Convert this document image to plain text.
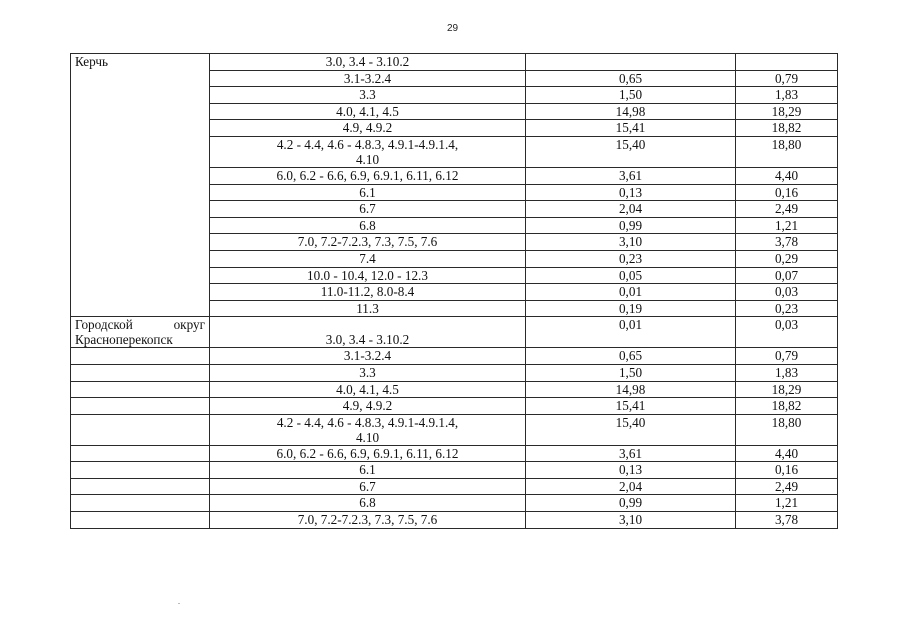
29
Керчь	3.0, 3.4 - 3.10.2		
	3.1-3.2.4	0,65	0,79
	3.3	1,50	1,83
	4.0, 4.1, 4.5	14,98	18,29
	4.9, 4.9.2	15,41	18,82
	4.2 - 4.4, 4.6 - 4.8.3, 4.9.1-4.9.1.4,
4.10	15,40	18,80
	6.0, 6.2 - 6.6, 6.9, 6.9.1, 6.11, 6.12	3,61	4,40
	6.1	0,13	0,16
	6.7	2,04	2,49
	6.8	0,99	1,21
	7.0, 7.2-7.2.3, 7.3, 7.5, 7.6	3,10	3,78
	7.4	0,23	0,29
	10.0 - 10.4, 12.0 - 12.3	0,05	0,07
	11.0-11.2, 8.0-8.4	0,01	0,03
	11.3	0,19	0,23
Городской округ Красноперекопск	3.0, 3.4 - 3.10.2	0,01	0,03
	3.1-3.2.4	0,65	0,79
	3.3	1,50	1,83
	4.0, 4.1, 4.5	14,98	18,29
	4.9, 4.9.2	15,41	18,82
	4.2 - 4.4, 4.6 - 4.8.3, 4.9.1-4.9.1.4,
4.10	15,40	18,80
	6.0, 6.2 - 6.6, 6.9, 6.9.1, 6.11, 6.12	3,61	4,40
	6.1	0,13	0,16
	6.7	2,04	2,49
	6.8	0,99	1,21
	7.0, 7.2-7.2.3, 7.3, 7.5, 7.6	3,10	3,78
